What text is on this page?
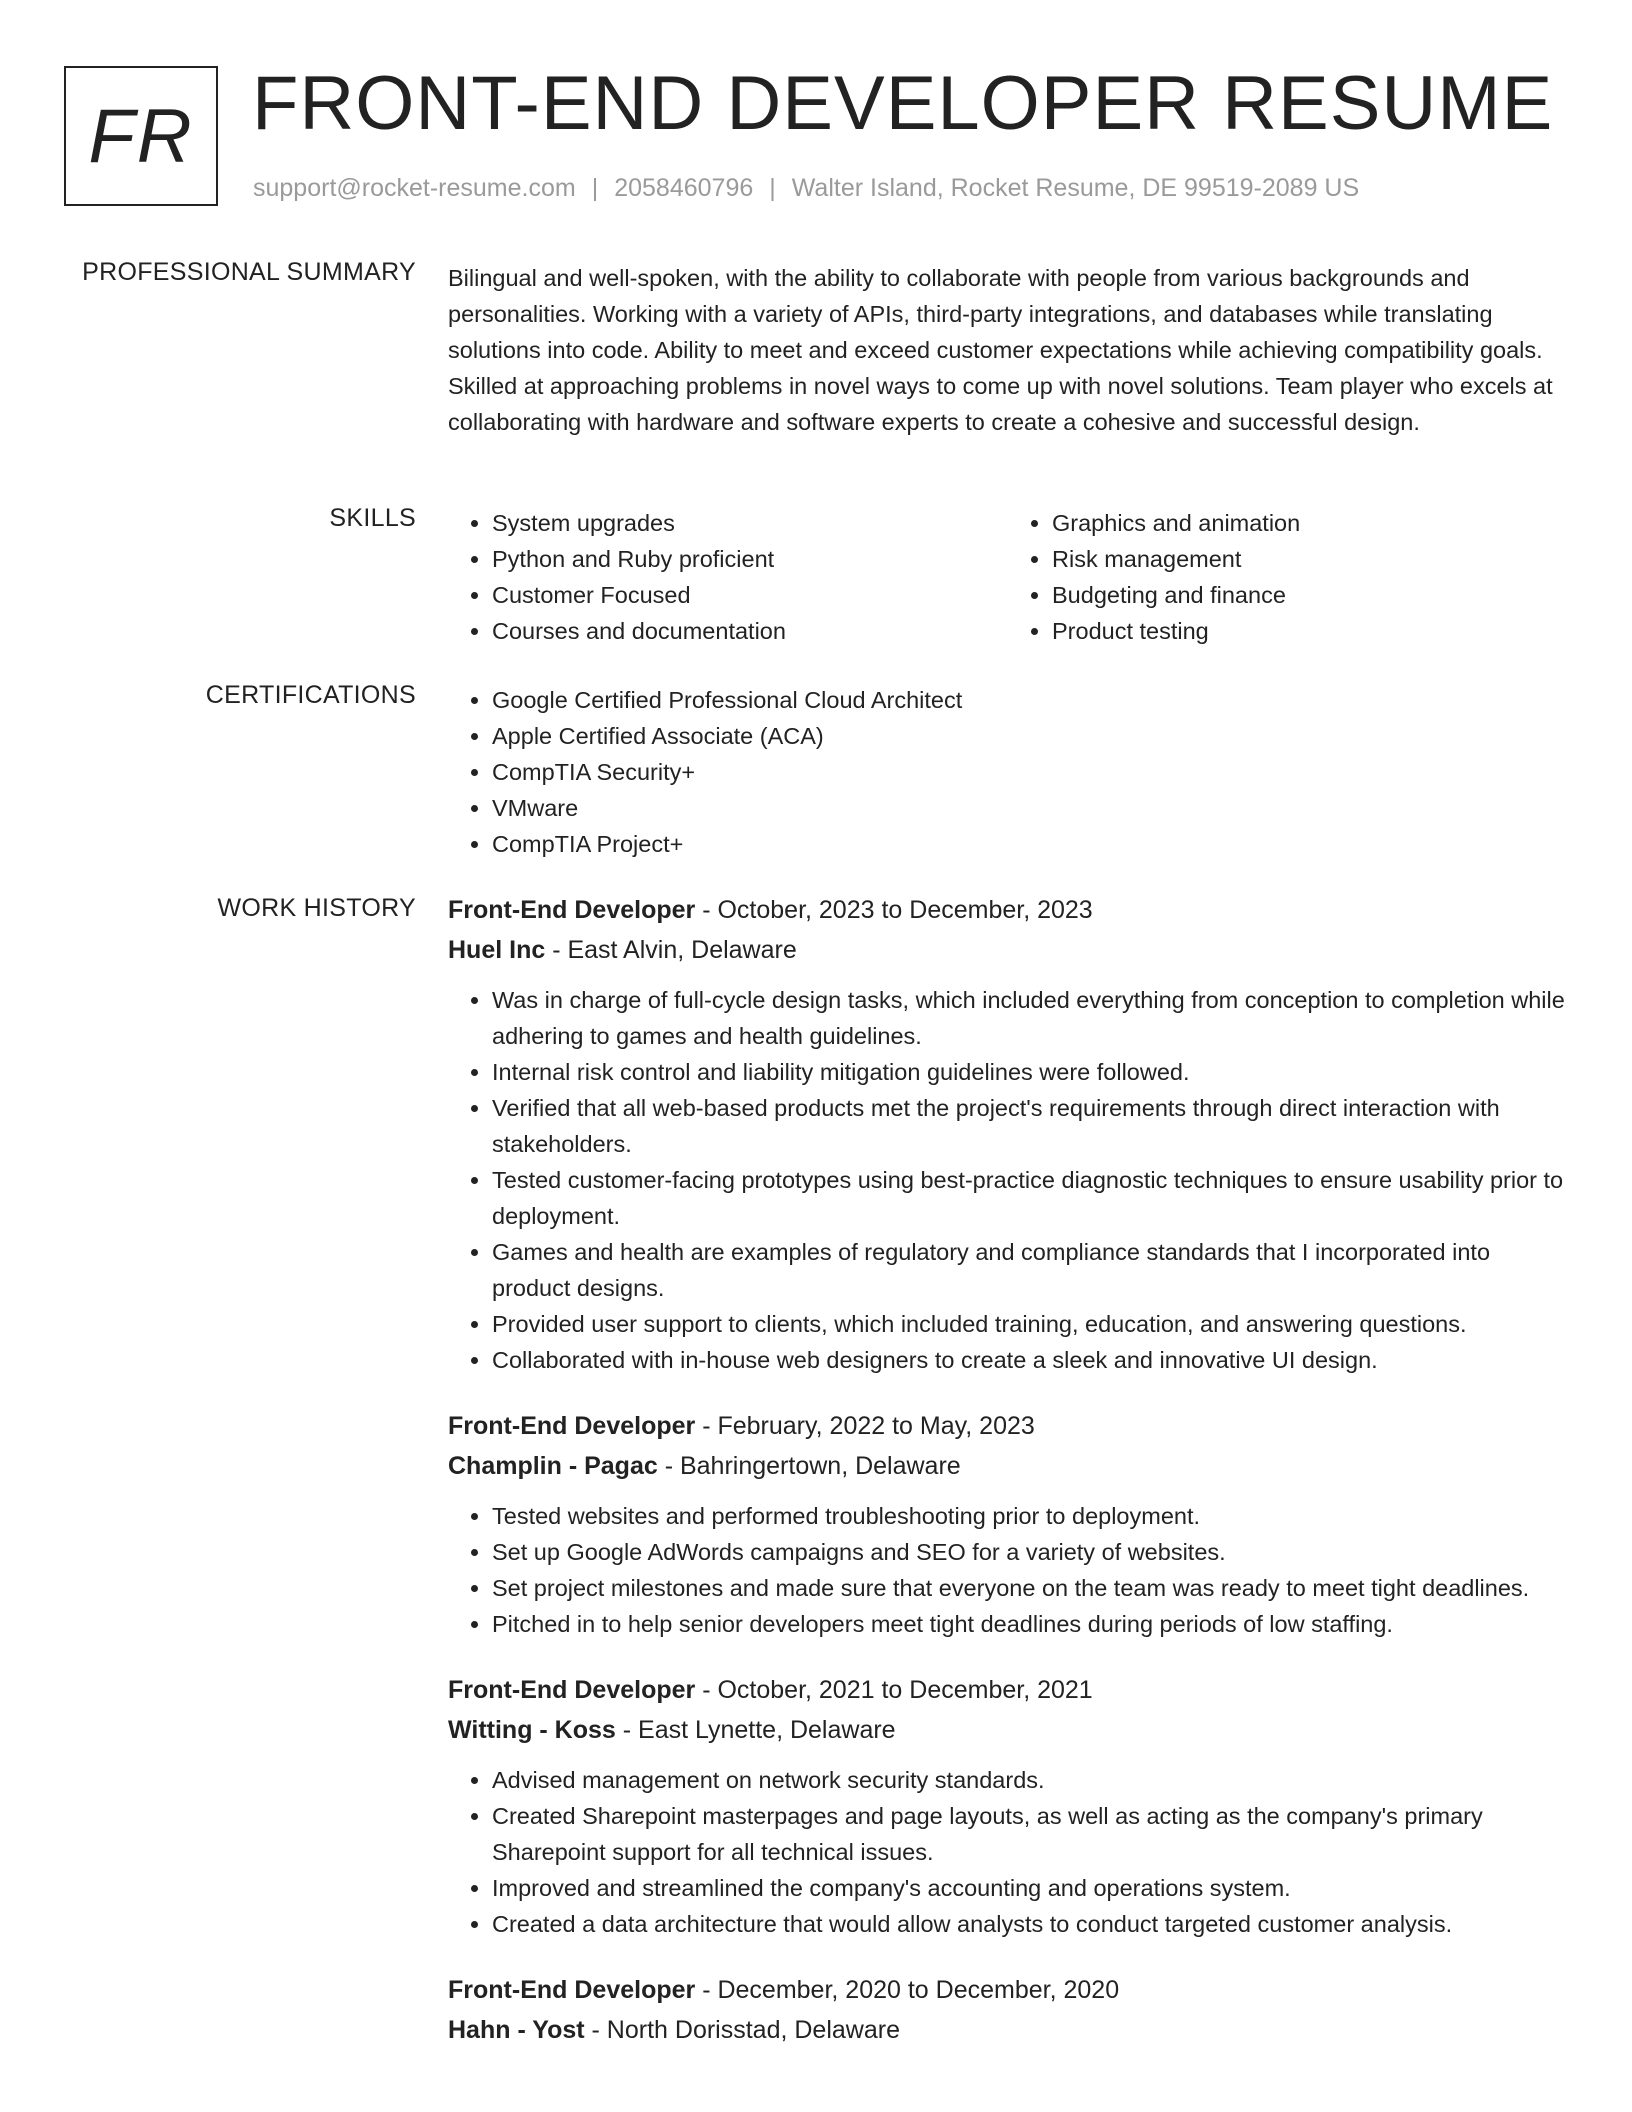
FR FRONT-END DEVELOPER RESUME
support@rocket-resume.com | 2058460796 | Walter Island, Rocket Resume, DE 99519-2089 US
PROFESSIONAL SUMMARY Bilingual and well-spoken, with the ability to collaborate with people from various backgrounds and personalities. Working with a variety of APIs, third-party integrations, and databases while translating solutions into code. Ability to meet and exceed customer expectations while achieving compatibility goals. Skilled at approaching problems in novel ways to come up with novel solutions. Team player who excels at collaborating with hardware and software experts to create a cohesive and successful design.

SKILLS	• System upgrades
• Python and Ruby proficient
• Customer Focused
• Courses and documentation
• Graphics and animation
• Risk management
• Budgeting and finance
• Product testing
CERTIFICATIONS	• Google Certified Professional Cloud Architect
• Apple Certified Associate (ACA)
• CompTIA Security+
• VMware
• CompTIA Project+
WORK HISTORY Front-End Developer - October, 2023 to December, 2023
Huel Inc - East Alvin, Delaware
• Was in charge of full-cycle design tasks, which included everything from conception to completion while adhering to games and health guidelines.
• Internal risk control and liability mitigation guidelines were followed.
• Verified that all web-based products met the project's requirements through direct interaction with stakeholders.
• Tested customer-facing prototypes using best-practice diagnostic techniques to ensure usability prior to deployment.
• Games and health are examples of regulatory and compliance standards that I incorporated into product designs.
• Provided user support to clients, which included training, education, and answering questions.
• Collaborated with in-house web designers to create a sleek and innovative UI design.
Front-End Developer - February, 2022 to May, 2023
Champlin - Pagac - Bahringertown, Delaware
• Tested websites and performed troubleshooting prior to deployment.
• Set up Google AdWords campaigns and SEO for a variety of websites.
• Set project milestones and made sure that everyone on the team was ready to meet tight deadlines.
• Pitched in to help senior developers meet tight deadlines during periods of low staffing.
Front-End Developer - October, 2021 to December, 2021
Witting - Koss - East Lynette, Delaware
• Advised management on network security standards.
• Created Sharepoint masterpages and page layouts, as well as acting as the company's primary Sharepoint support for all technical issues.
• Improved and streamlined the company's accounting and operations system.
• Created a data architecture that would allow analysts to conduct targeted customer analysis.
Front-End Developer - December, 2020 to December, 2020
Hahn - Yost - North Dorisstad, Delaware
